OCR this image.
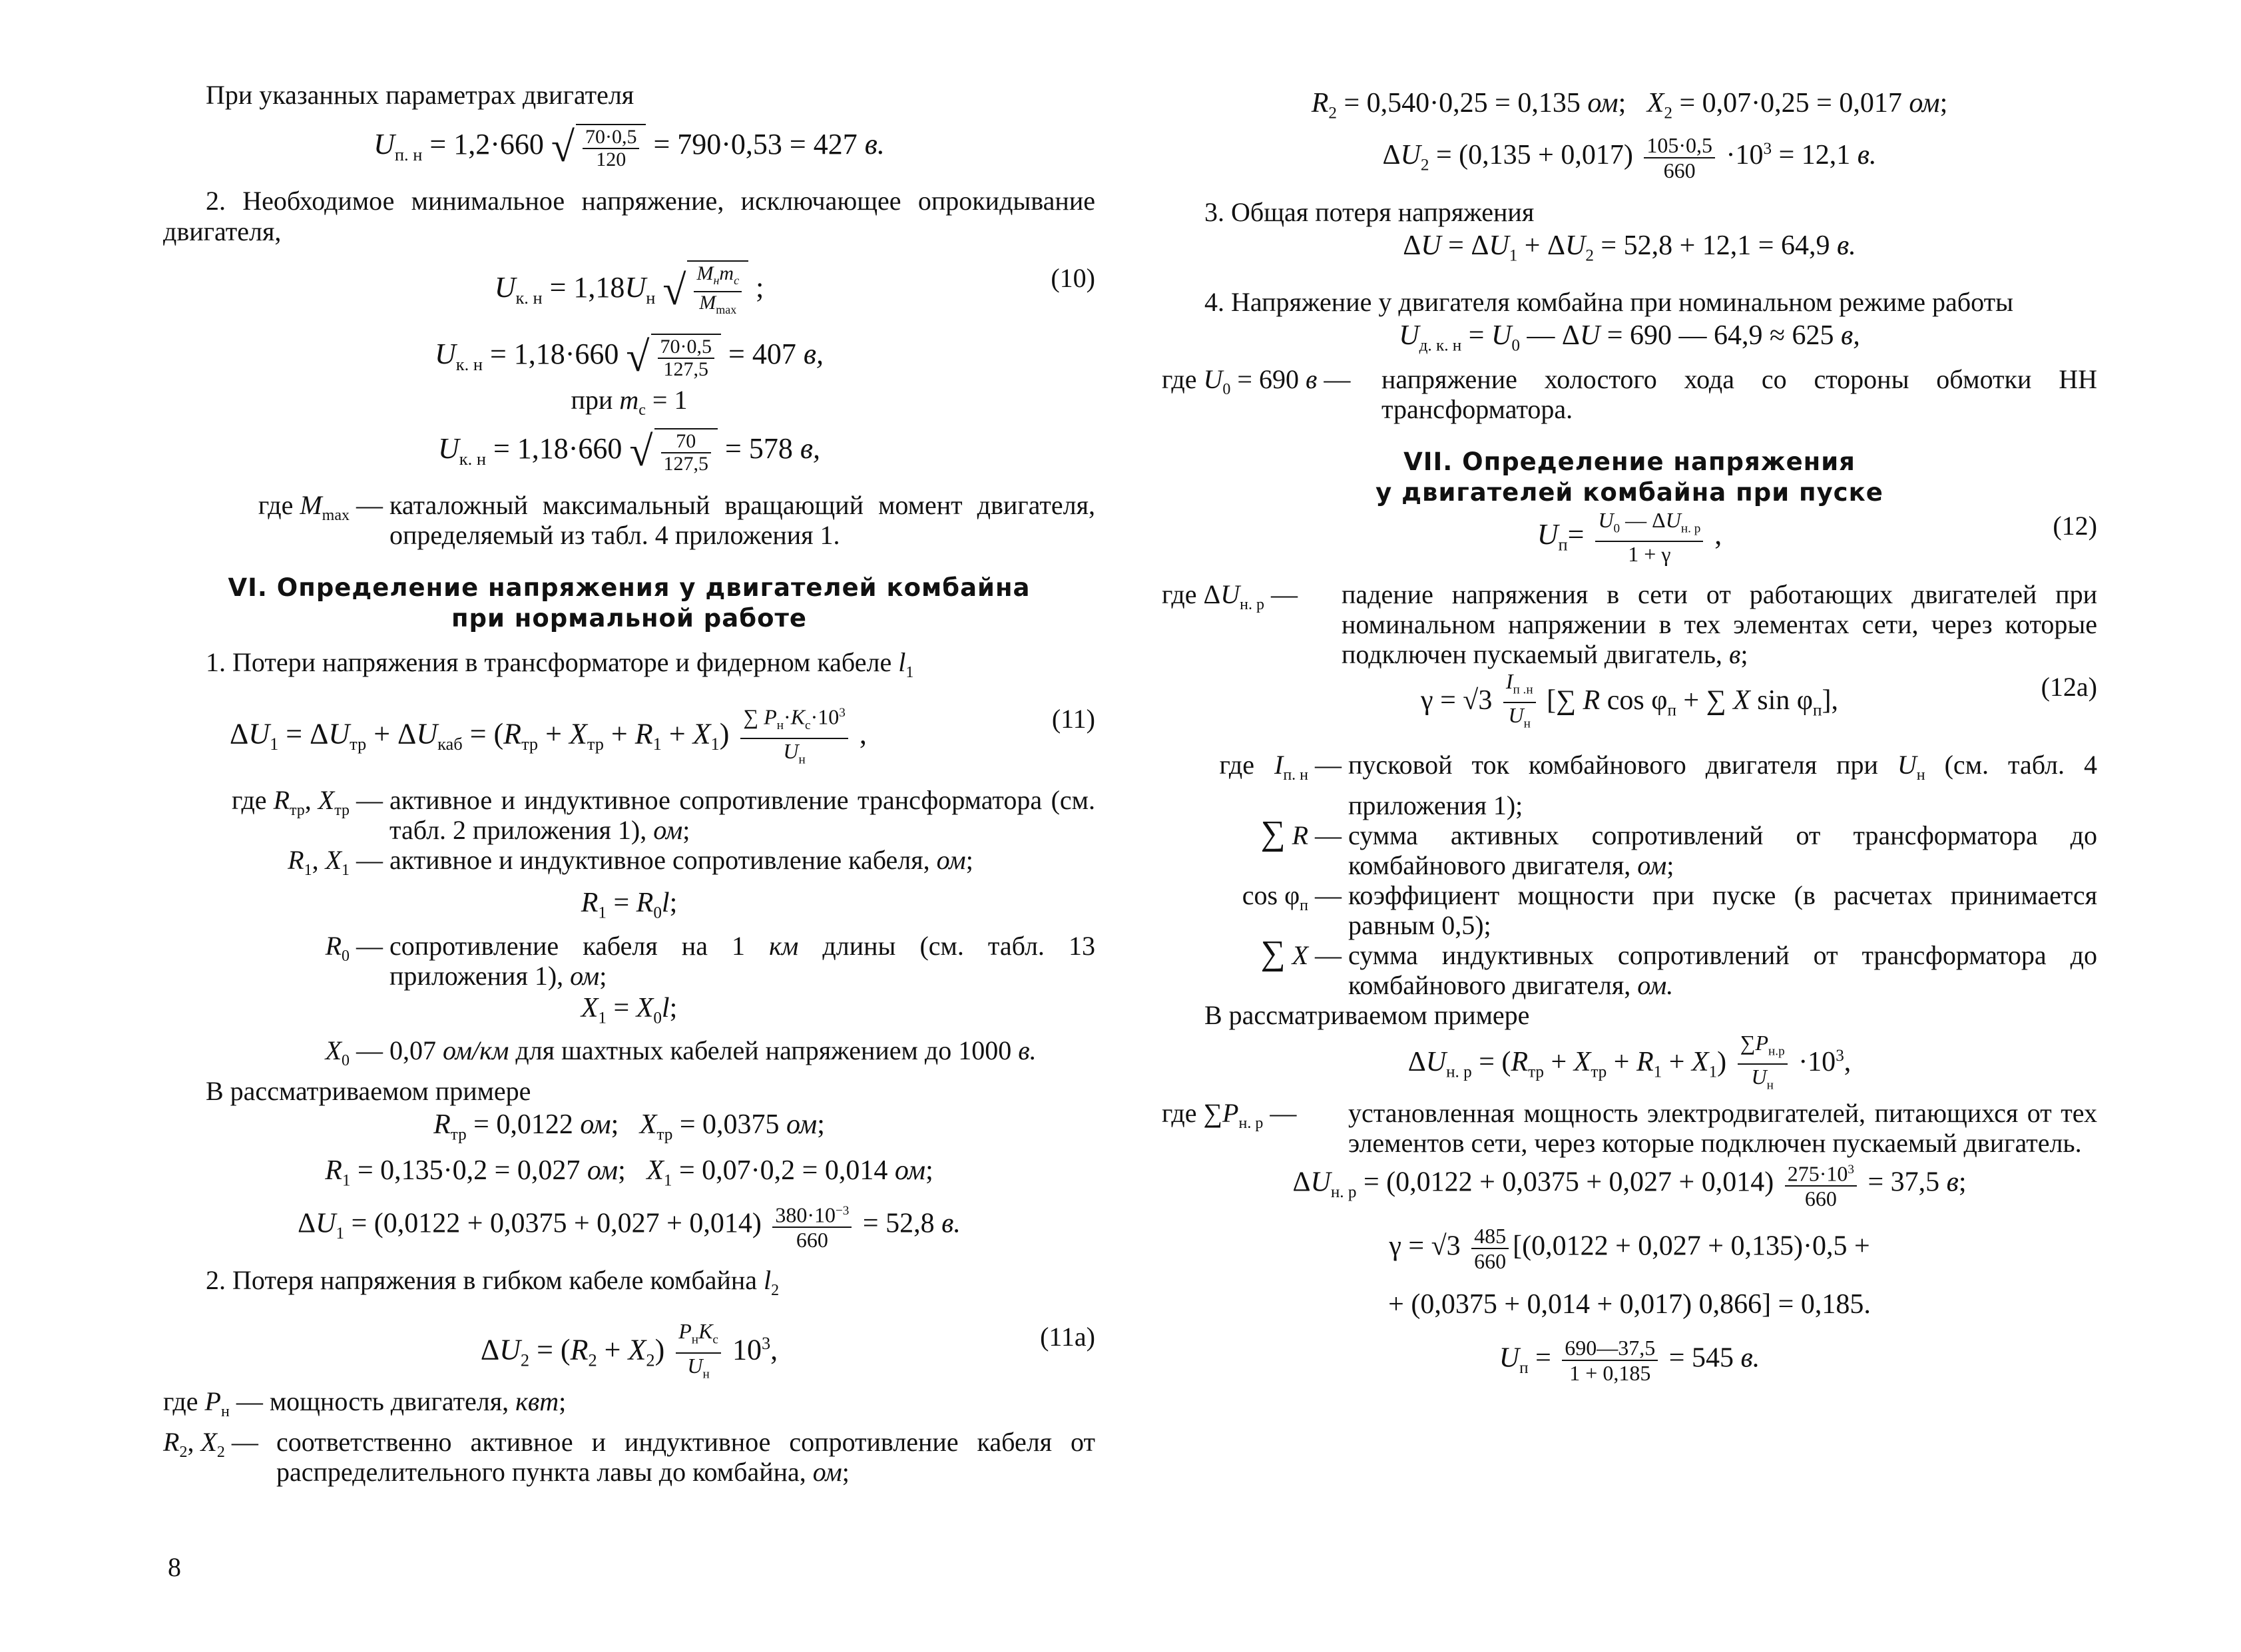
При указанных параметрах двигателя

$U_{п. н} = 1,2\cdot 660$ √ $\frac{70\cdot 0,5}{120} = 790\cdot 0,53 = 427$ в.

2. Необходимое минимальное напряжение, исключающее опрокидывание двигателя,

$U_{к. н} = 1,18U_н$ √ $\frac{M_нm_c}{M_{max}}$ ;	(10)
$U_{к. н} = 1,18\cdot 660$ √ $\frac{70\cdot 0,5}{127,5} = 407$ в,
при $m_c = 1$
$U_{к. н} = 1,18\cdot 660$ √ $\frac{70}{127,5} = 578$ в,
где $M_{max}$ — каталожный максимальный вращающий момент двигателя, определяемый из табл. 4 приложения 1.
VI. Определение напряжения у двигателей комбайна
при нормальной работе

1. Потери напряжения в трансформаторе и фидерном кабеле $l_1$

$\Delta U_1 = \Delta U_{тр} + \Delta U_{каб} = (R_{тр} + X_{тр} + R_1 + X_1) \frac{\sum P_н\cdot K_c\cdot 10^3}{U_н}$ ,	(11)
где $R_{тр}$, $X_{тр}$ — активное и индуктивное сопротивление трансформатора (см. табл. 2 приложения 1), ом;
$R_1$, $X_1$ — активное и индуктивное сопротивление кабеля, ом;
$R_1 = R_0l$;
$R_0$ — сопротивление кабеля на 1 км длины (см. табл. 13 приложения 1), ом;
$X_1 = X_0l$;
$X_0$ — 0,07 ом/км для шахтных кабелей напряжением до 1000 в.

В рассматриваемом примере

$R_{тр} = 0,0122$ ом;   $X_{тр} = 0,0375$ ом;
$R_1 = 0,135\cdot 0,2 = 0,027$ ом;   $X_1 = 0,07\cdot 0,2 = 0,014$ ом;
$\Delta U_1 = (0,0122 + 0,0375 + 0,027 + 0,014) \frac{380\cdot 10^{-3}}{660} = 52,8$ в.

2. Потеря напряжения в гибком кабеле комбайна $l_2$

$\Delta U_2 = (R_2 + X_2) \frac{P_нK_c}{U_н} 10^3$,	(11а)
где $P_н$ — мощность двигателя, квт;
$R_2$, $X_2$ — соответственно активное и индуктивное сопротивление кабеля от распределительного пункта лавы до комбайна, ом;
$R_2 = 0,540\cdot 0,25 = 0,135$ ом;   $X_2 = 0,07\cdot 0,25 = 0,017$ ом;
$\Delta U_2 = (0,135 + 0,017) \frac{105\cdot 0,5}{660} \cdot 10^3 = 12,1$ в.

3. Общая потеря напряжения

$\Delta U = \Delta U_1 + \Delta U_2 = 52,8 + 12,1 = 64,9$ в.

4. Напряжение у двигателя комбайна при номинальном режиме работы

$U_{д. к. н} = U_0$ — ΔU = 690 — 64,9 ≈ 625 в,
где $U_0 = 690$ в —	напряжение холостого хода со стороны обмотки НН трансформатора.
VII. Определение напряжения
у двигателей комбайна при пуске
$U_п= \frac{U_0 — \Delta U_{н. р}}{1 + \gamma}$ ,	(12)
где $\Delta U_{н. р}$ —	падение напряжения в сети от работающих двигателей при номинальном напряжении в тех элементах сети, через которые подключен пускаемый двигатель, в;
$\gamma = √3 \frac{I_{п .н}}{U_н}$ [∑ R $\cos \varphi_п$ + ∑ X $\sin \varphi_п$],	(12а)
где   $I_{п. н}$ — пусковой ток комбайнового двигателя при $U_н$ (см. табл. 4 приложения 1);
∑ R — сумма активных сопротивлений от трансформатора до комбайнового двигателя, ом;
$\cos \varphi_п$ — коэффициент мощности при пуске (в расчетах принимается равным 0,5);
∑ X — сумма индуктивных сопротивлений от трансформатора до комбайнового двигателя, ом.

В рассматриваемом примере

$\Delta U_{н. р} = (R_{тр} + X_{тр} + R_1 + X_1) \frac{\sum P_{н.р}}{U_н} \cdot 10^3$,
где $\sum P_{н. р}$ —	установленная мощность электродвигателей, питающихся от тех элементов сети, через которые подключен пускаемый двигатель.
$\Delta U_{н. р} = (0,0122 + 0,0375 + 0,027 + 0,014) \frac{275\cdot 10^3}{660} = 37,5$ в;
$\gamma = √3 \frac{485}{660} [(0,0122 + 0,027 + 0,135)\cdot 0,5$ +
+ (0,0375 + 0,014 + 0,017) 0,866] = 0,185.
$U_п = \frac{690—37,5}{1 + 0,185} = 545$ в.
8
